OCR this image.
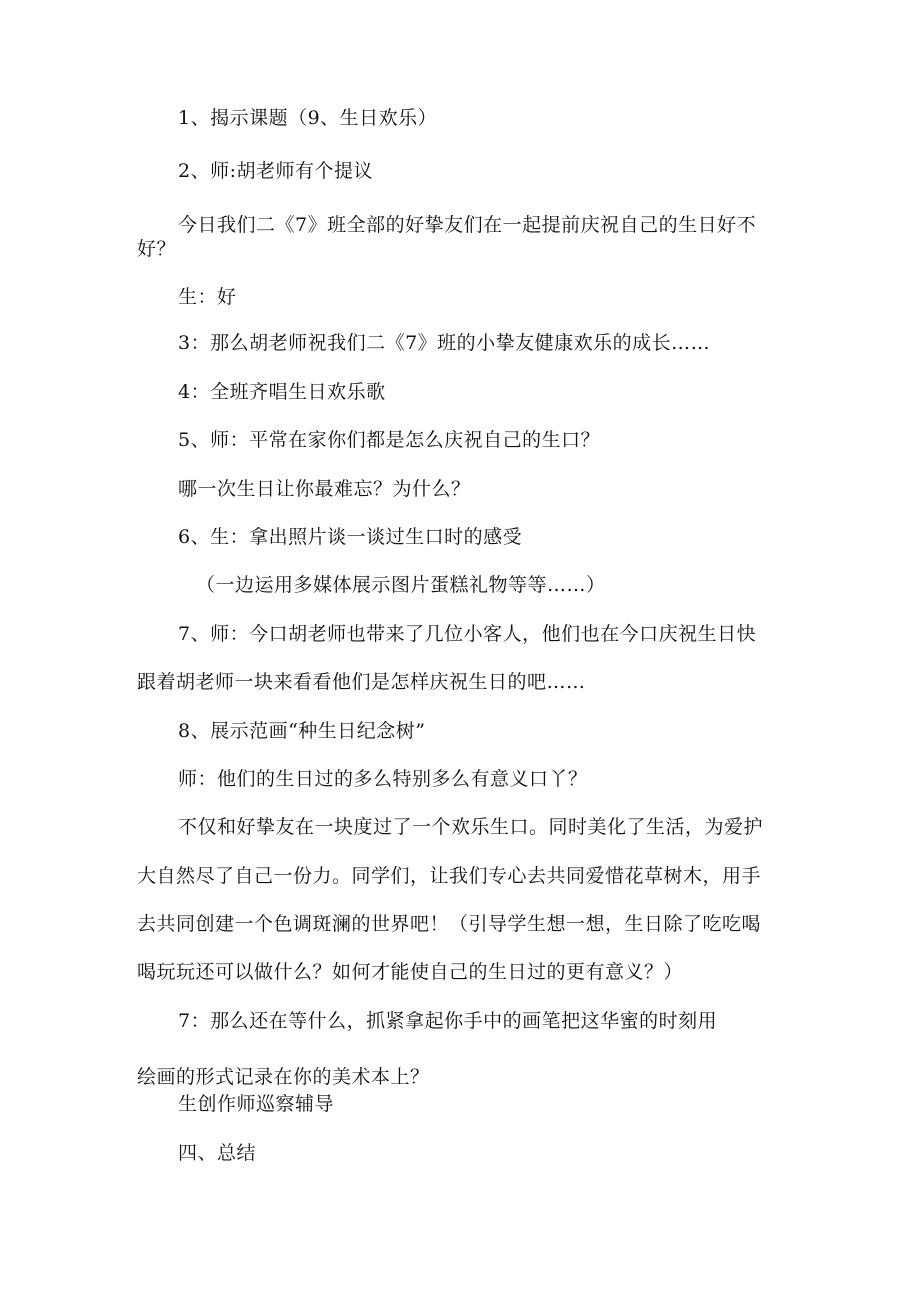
1、揭示课题（9、生日欢乐）
2、师:胡老师有个提议
今日我们二《7》班全部的好挚友们在一起提前庆祝自己的生日好不
好？
生：好
3：那么胡老师祝我们二《7》班的小挚友健康欢乐的成长……
4：全班齐唱生日欢乐歌
5、师：平常在家你们都是怎么庆祝自己的生口？
哪一次生日让你最难忘？为什么？
6、生：拿出照片谈一谈过生口时的感受
（一边运用多媒体展示图片蛋糕礼物等等……）
7、师：今口胡老师也带来了几位小客人，他们也在今口庆祝生日快
跟着胡老师一块来看看他们是怎样庆祝生日的吧……
8、展示范画“种生日纪念树”
师：他们的生日过的多么特别多么有意义口丫？
不仅和好挚友在一块度过了一个欢乐生口。同时美化了生活，为爱护
大自然尽了自己一份力。同学们，让我们专心去共同爱惜花草树木，用手
去共同创建一个色调斑澜的世界吧！（引导学生想一想，生日除了吃吃喝
喝玩玩还可以做什么？如何才能使自己的生日过的更有意义？）
7：那么还在等什么，抓紧拿起你手中的画笔把这华蜜的时刻用
绘画的形式记录在你的美术本上？
生创作师巡察辅导
四、总结
